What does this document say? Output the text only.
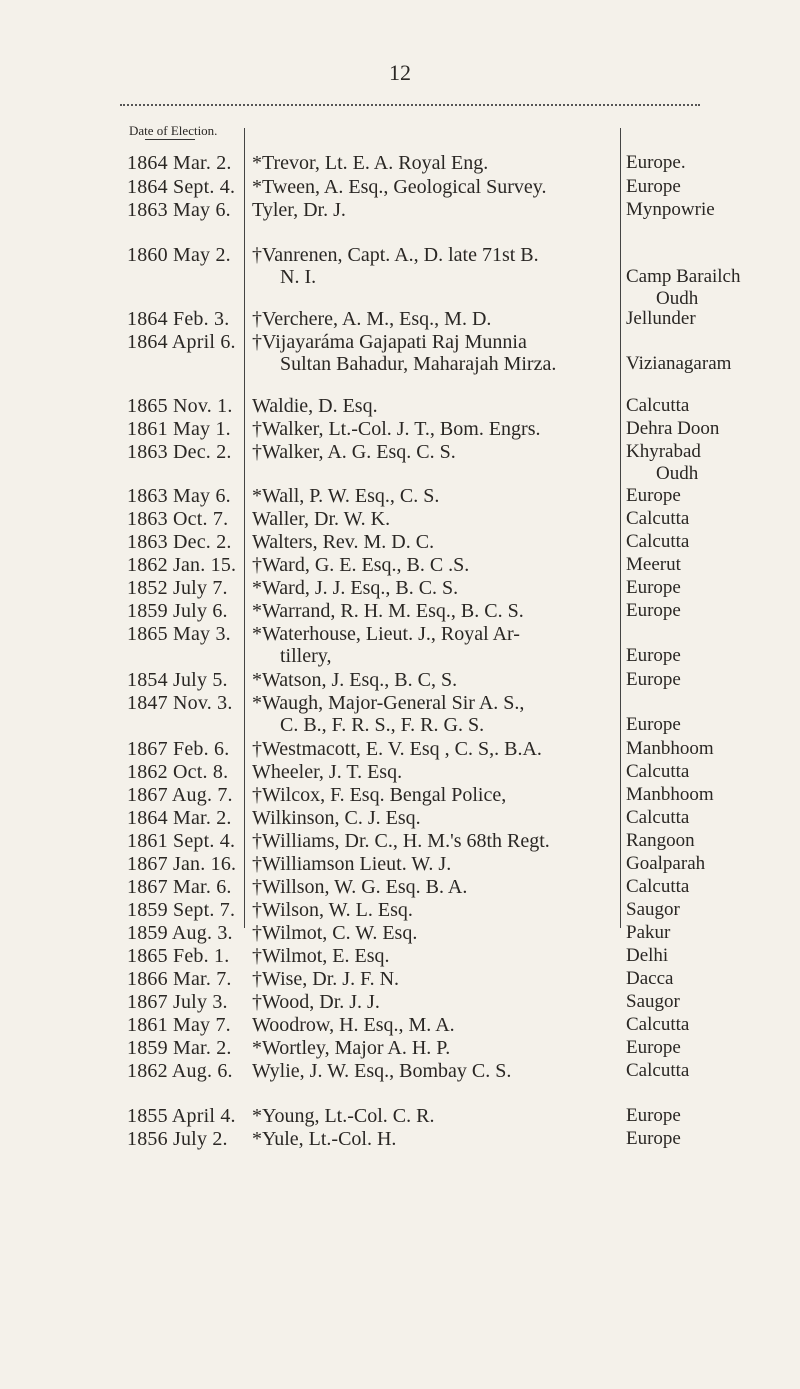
12
Date of Election.
1864 Mar. 2.	*Trevor, Lt. E. A. Royal Eng.	Europe.
1864 Sept. 4. *Tween, A. Esq., Geological Survey.	Europe
1863 May 6.	Tyler, Dr. J.	Mynpowrie
1860 May 2.	†Vanrenen, Capt. A., D. late 71st B.
N. I.	Camp Barailch
Oudh
1864 Feb. 3.	†Verchere, A. M., Esq., M. D.	Jellunder
1864 April 6. †Vijayaráma Gajapati Raj Munnia
Sultan Bahadur, Maharajah Mirza.	Vizianagaram
1865 Nov. 1. Waldie, D. Esq.	Calcutta
1861 May 1.	†Walker, Lt.-Col. J. T., Bom. Engrs.	Dehra Doon
1863 Dec. 2.	†Walker, A. G. Esq. C. S.	Khyrabad
Oudh
1863 May 6.	*Wall, P. W. Esq., C. S.	Europe
1863 Oct. 7.	Waller, Dr. W. K.	Calcutta
1863 Dec. 2.	Walters, Rev. M. D. C.	Calcutta
1862 Jan. 15. †Ward, G. E. Esq., B. C .S.	Meerut
1852 July 7.	*Ward, J. J. Esq., B. C. S.	Europe
1859 July 6.	*Warrand, R. H. M. Esq., B. C. S.	Europe
1865 May 3.	*Waterhouse, Lieut. J., Royal Ar-
tillery,	Europe
1854 July 5.	*Watson, J. Esq., B. C, S.	Europe
1847 Nov. 3. *Waugh, Major-General Sir A. S.,
C. B., F. R. S., F. R. G. S.	Europe
1867 Feb. 6.	†Westmacott, E. V. Esq , C. S,. B.A.	Manbhoom
1862 Oct. 8.	Wheeler, J. T. Esq.	Calcutta
1867 Aug. 7. †Wilcox, F. Esq. Bengal Police,	Manbhoom
1864 Mar. 2.	Wilkinson, C. J. Esq.	Calcutta
1861 Sept. 4. †Williams, Dr. C., H. M.'s 68th Regt.	Rangoon
1867 Jan. 16. †Williamson Lieut. W. J.	Goalparah
1867 Mar. 6.	†Willson, W. G. Esq. B. A.	Calcutta
1859 Sept. 7. †Wilson, W. L. Esq.	Saugor
1859 Aug. 3. †Wilmot, C. W. Esq.	Pakur
1865 Feb. 1.	†Wilmot, E. Esq.	Delhi
1866 Mar. 7.	†Wise, Dr. J. F. N.	Dacca
1867 July 3.	†Wood, Dr. J. J.	Saugor
1861 May 7.	Woodrow, H. Esq., M. A.	Calcutta
1859 Mar. 2.	*Wortley, Major A. H. P.	Europe
1862 Aug. 6. Wylie, J. W. Esq., Bombay C. S.	Calcutta
1855 April 4. *Young, Lt.-Col. C. R.	Europe
1856 July 2.	*Yule, Lt.-Col. H.	Europe
